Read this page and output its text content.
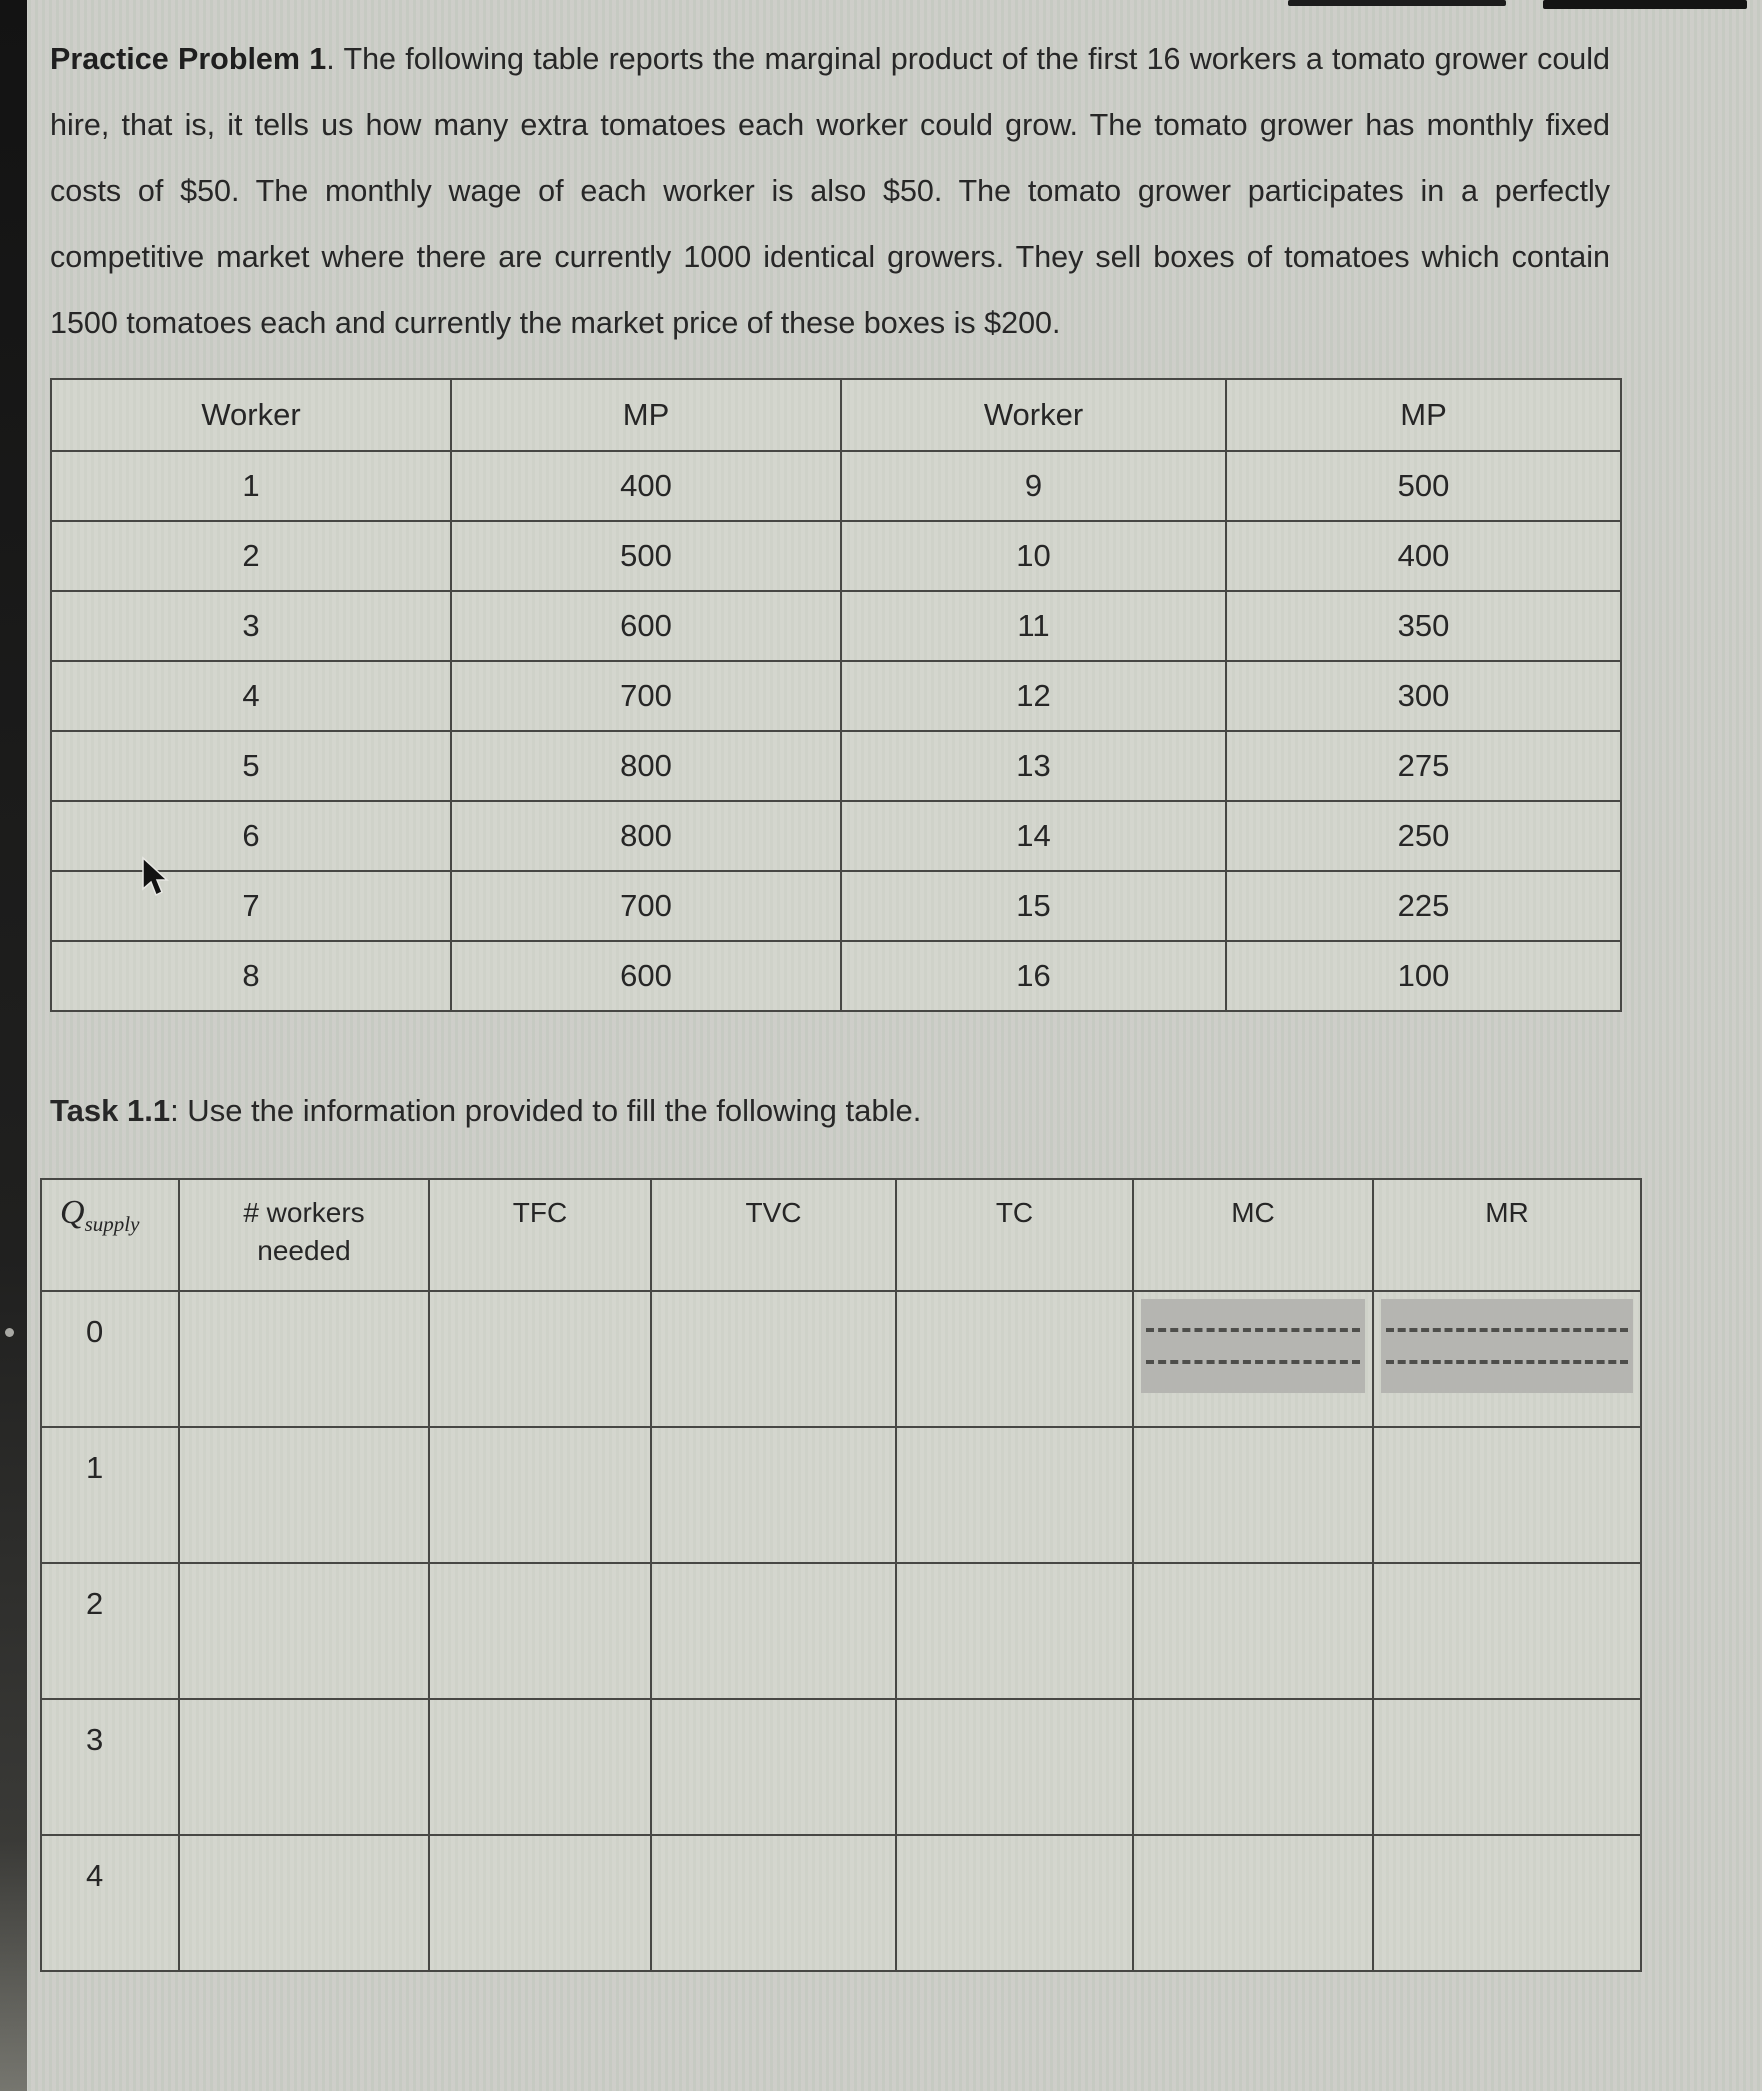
Practice Problem 1. The following table reports the marginal product of the first 16 workers a tomato grower could hire, that is, it tells us how many extra tomatoes each worker could grow. The tomato grower has monthly fixed costs of $50. The monthly wage of each worker is also $50. The tomato grower participates in a perfectly competitive market where there are currently 1000 identical growers. They sell boxes of tomatoes which contain 1500 tomatoes each and currently the market price of these boxes is $200.

Worker	MP	Worker	MP
1	400	9	500
2	500	10	400
3	600	11	350
4	700	12	300
5	800	13	275
6	800	14	250
7	700	15	225
8	600	16	100

Task 1.1: Use the information provided to fill the following table.

$Q_{supply}$	# workers needed	TFC	TVC	TC	MC	MR
0					

1						
2						
3						
4						
